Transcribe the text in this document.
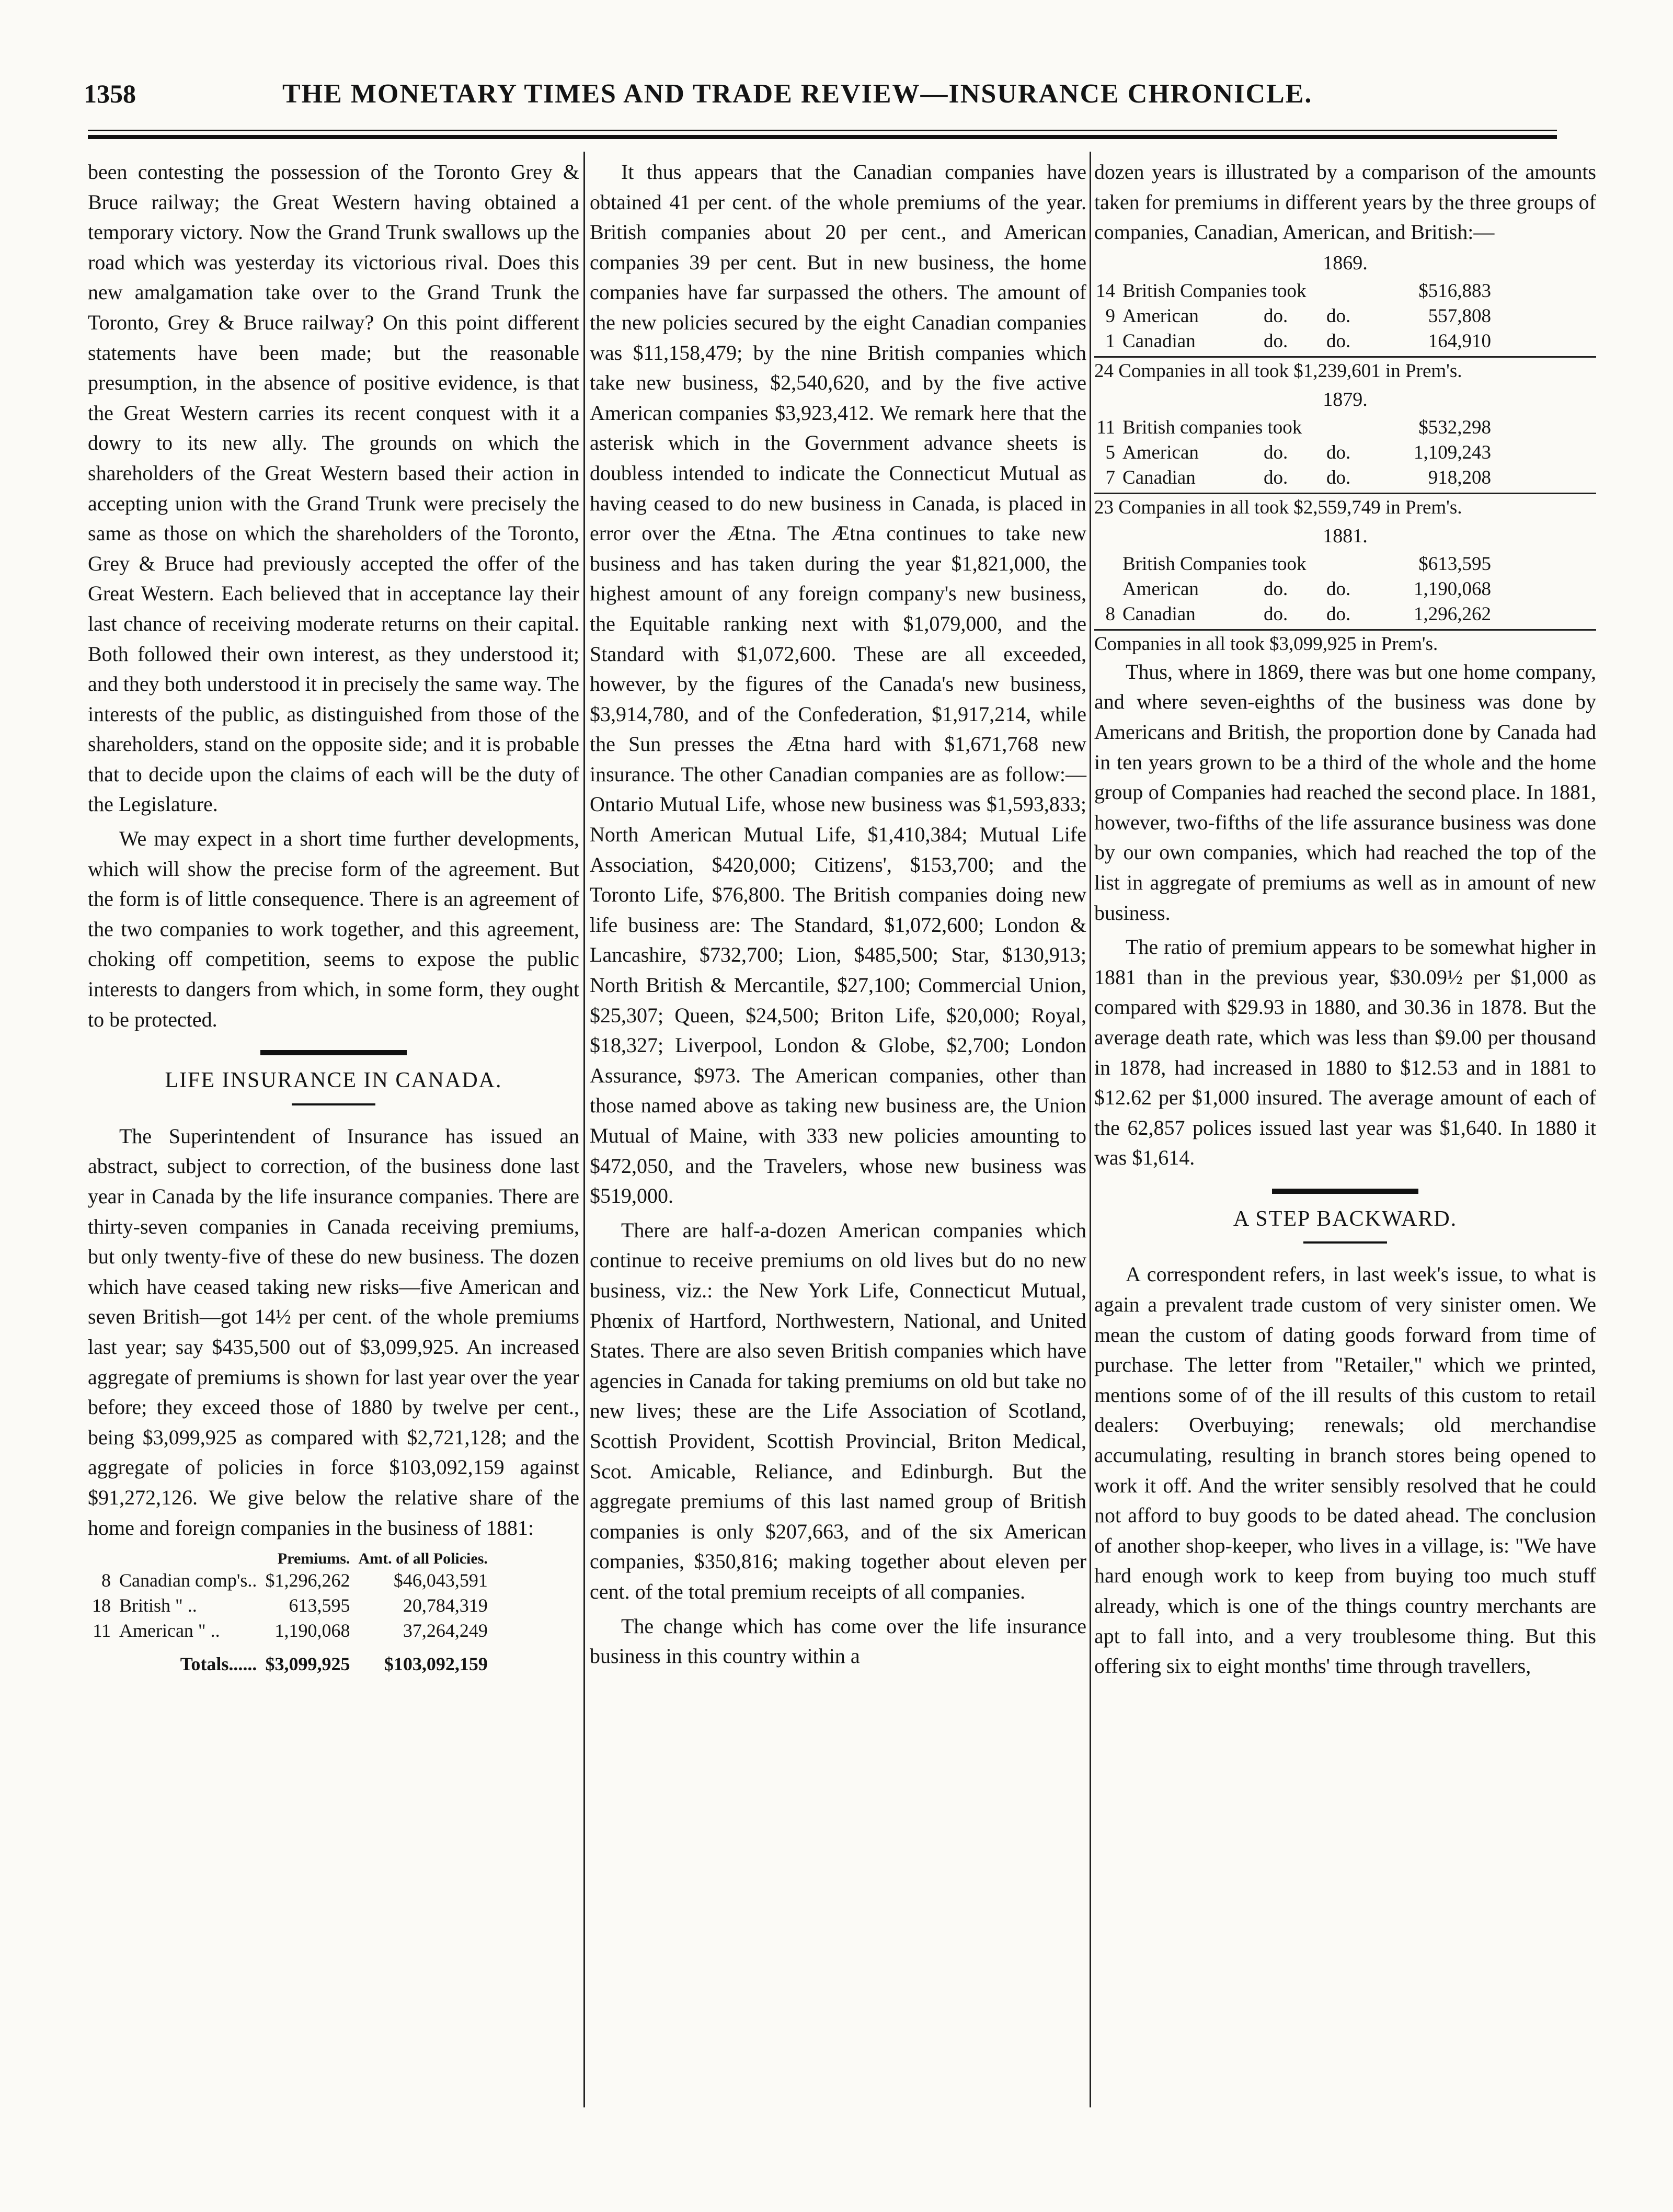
1358	THE MONETARY TIMES AND TRADE REVIEW—INSURANCE CHRONICLE.

been contesting the possession of the Toronto Grey & Bruce railway; the Great Western having obtained a temporary victory. Now the Grand Trunk swallows up the road which was yesterday its victorious rival. Does this new amalgamation take over to the Grand Trunk the Toronto, Grey & Bruce railway? On this point different statements have been made; but the reasonable presumption, in the absence of positive evidence, is that the Great Western carries its recent conquest with it a dowry to its new ally. The grounds on which the shareholders of the Great Western based their action in accepting union with the Grand Trunk were precisely the same as those on which the shareholders of the Toronto, Grey & Bruce had previously accepted the offer of the Great Western. Each believed that in acceptance lay their last chance of receiving moderate returns on their capital. Both followed their own interest, as they understood it; and they both understood it in precisely the same way. The interests of the public, as distinguished from those of the shareholders, stand on the opposite side; and it is probable that to decide upon the claims of each will be the duty of the Legislature.

We may expect in a short time further developments, which will show the precise form of the agreement. But the form is of little consequence. There is an agreement of the two companies to work together, and this agreement, choking off competition, seems to expose the public interests to dangers from which, in some form, they ought to be protected.

LIFE INSURANCE IN CANADA.

The Superintendent of Insurance has issued an abstract, subject to correction, of the business done last year in Canada by the life insurance companies. There are thirty-seven companies in Canada receiving premiums, but only twenty-five of these do new business. The dozen which have ceased taking new risks—five American and seven British—got 14½ per cent. of the whole premiums last year; say $435,500 out of $3,099,925. An increased aggregate of premiums is shown for last year over the year before; they exceed those of 1880 by twelve per cent., being $3,099,925 as compared with $2,721,128; and the aggregate of policies in force $103,092,159 against $91,272,126. We give below the relative share of the home and foreign companies in the business of 1881:

		Premiums.	Amt. of all Policies.
8	Canadian comp's..	$1,296,262	$46,043,591
18	British " ..	613,595	20,784,319
11	American " ..	1,190,068	37,264,249
	Totals......	$3,099,925	$103,092,159

It thus appears that the Canadian companies have obtained 41 per cent. of the whole premiums of the year. British companies about 20 per cent., and American companies 39 per cent. But in new business, the home companies have far surpassed the others. The amount of the new policies secured by the eight Canadian companies was $11,158,479; by the nine British companies which take new business, $2,540,620, and by the five active American companies $3,923,412. We remark here that the asterisk which in the Government advance sheets is doubless intended to indicate the Connecticut Mutual as having ceased to do new business in Canada, is placed in error over the Ætna. The Ætna continues to take new business and has taken during the year $1,821,000, the highest amount of any foreign company's new business, the Equitable ranking next with $1,079,000, and the Standard with $1,072,600. These are all exceeded, however, by the figures of the Canada's new business, $3,914,780, and of the Confederation, $1,917,214, while the Sun presses the Ætna hard with $1,671,768 new insurance. The other Canadian companies are as follow:—Ontario Mutual Life, whose new business was $1,593,833; North American Mutual Life, $1,410,384; Mutual Life Association, $420,000; Citizens', $153,700; and the Toronto Life, $76,800. The British companies doing new life business are: The Standard, $1,072,600; London & Lancashire, $732,700; Lion, $485,500; Star, $130,913; North British & Mercantile, $27,100; Commercial Union, $25,307; Queen, $24,500; Briton Life, $20,000; Royal, $18,327; Liverpool, London & Globe, $2,700; London Assurance, $973. The American companies, other than those named above as taking new business are, the Union Mutual of Maine, with 333 new policies amounting to $472,050, and the Travelers, whose new business was $519,000.

There are half-a-dozen American companies which continue to receive premiums on old lives but do no new business, viz.: the New York Life, Connecticut Mutual, Phœnix of Hartford, Northwestern, National, and United States. There are also seven British companies which have agencies in Canada for taking premiums on old but take no new lives; these are the Life Association of Scotland, Scottish Provident, Scottish Provincial, Briton Medical, Scot. Amicable, Reliance, and Edinburgh. But the aggregate premiums of this last named group of British companies is only $207,663, and of the six American companies, $350,816; making together about eleven per cent. of the total premium receipts of all companies.

The change which has come over the life insurance business in this country within a

dozen years is illustrated by a comparison of the amounts taken for premiums in different years by the three groups of companies, Canadian, American, and British:—

1869.
14 British Companies took	$516,883
9 American	do.	do.	557,808
1 Canadian	do.	do.	164,910
24 Companies in all took $1,239,601 in Prem's.
1879.
11 British companies took	$532,298
5 American	do.	do.	1,109,243
7 Canadian	do.	do.	918,208
23 Companies in all took $2,559,749 in Prem's.
1881.
British Companies took	$613,595
American	do.	do.	1,190,068
8 Canadian	do.	do.	1,296,262
Companies in all took $3,099,925 in Prem's.

Thus, where in 1869, there was but one home company, and where seven-eighths of the business was done by Americans and British, the proportion done by Canada had in ten years grown to be a third of the whole and the home group of Companies had reached the second place. In 1881, however, two-fifths of the life assurance business was done by our own companies, which had reached the top of the list in aggregate of premiums as well as in amount of new business.

The ratio of premium appears to be somewhat higher in 1881 than in the previous year, $30.09½ per $1,000 as compared with $29.93 in 1880, and 30.36 in 1878. But the average death rate, which was less than $9.00 per thousand in 1878, had increased in 1880 to $12.53 and in 1881 to $12.62 per $1,000 insured. The average amount of each of the 62,857 polices issued last year was $1,640. In 1880 it was $1,614.

A STEP BACKWARD.

A correspondent refers, in last week's issue, to what is again a prevalent trade custom of very sinister omen. We mean the custom of dating goods forward from time of purchase. The letter from "Retailer," which we printed, mentions some of of the ill results of this custom to retail dealers: Overbuying; renewals; old merchandise accumulating, resulting in branch stores being opened to work it off. And the writer sensibly resolved that he could not afford to buy goods to be dated ahead. The conclusion of another shop-keeper, who lives in a village, is: "We have hard enough work to keep from buying too much stuff already, which is one of the things country merchants are apt to fall into, and a very troublesome thing. But this offering six to eight months' time through travellers,
